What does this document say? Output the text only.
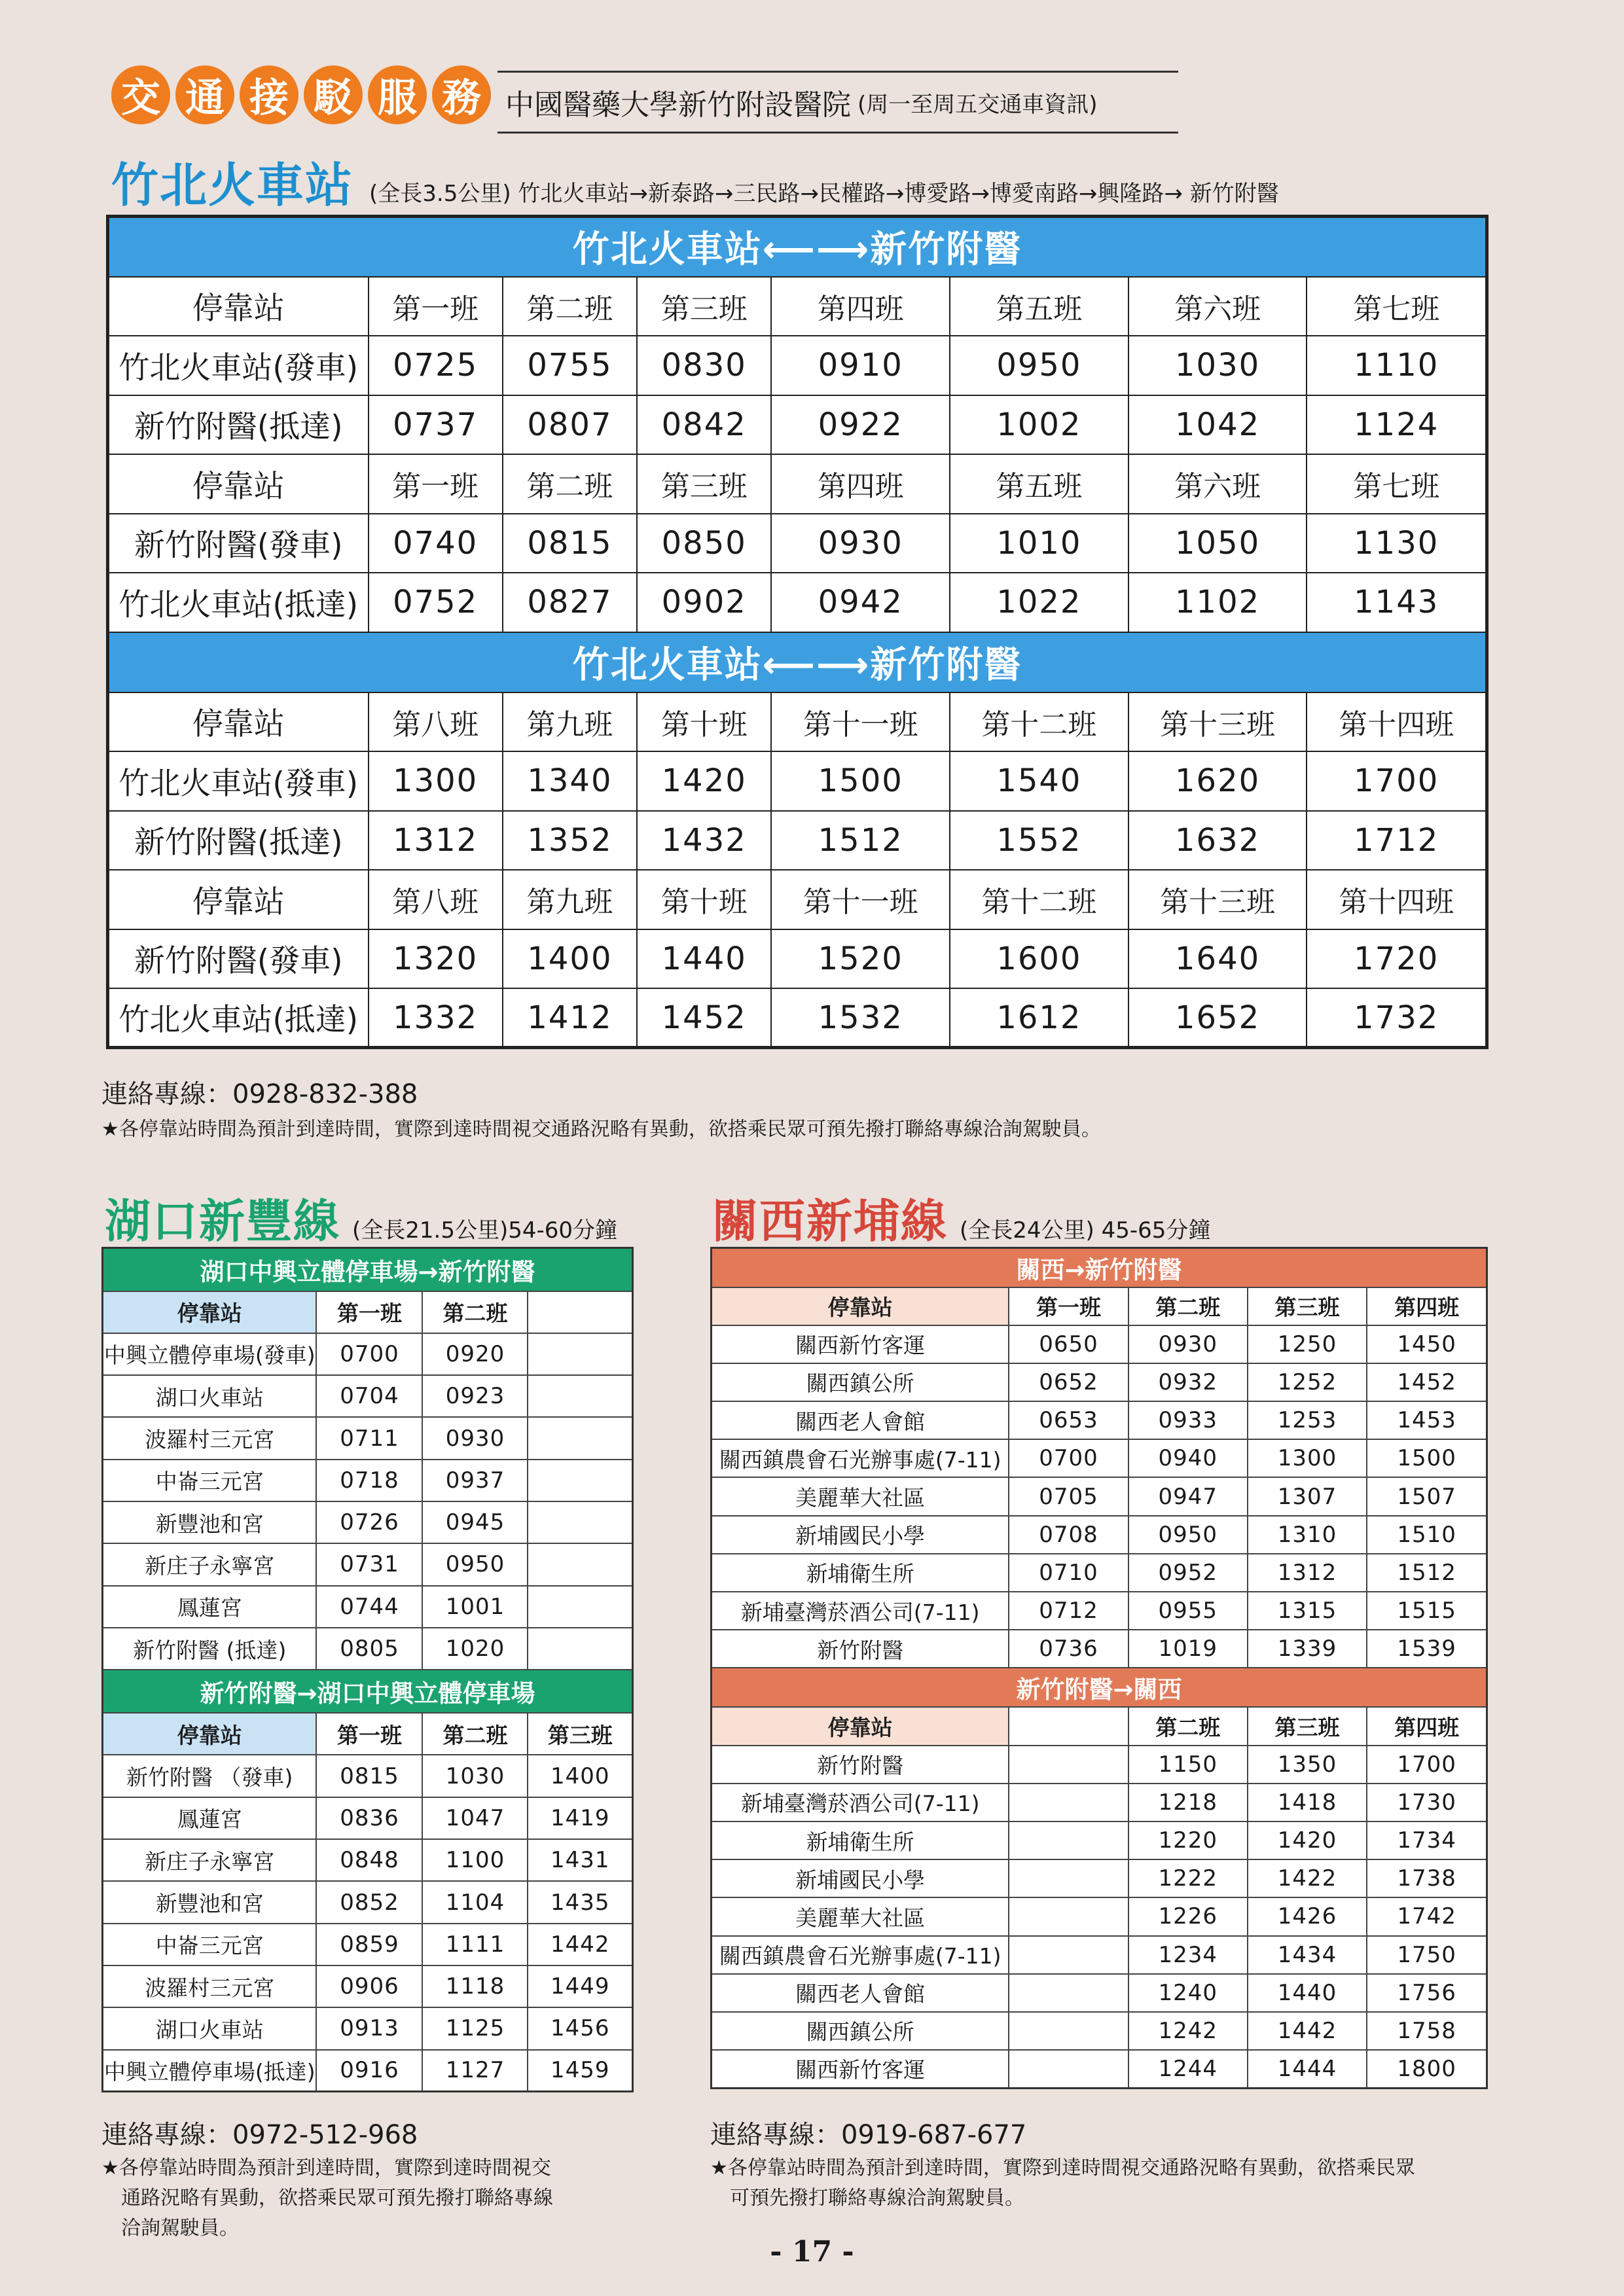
交 通 接 駁 服 務 中國醫藥大學新竹附設醫院 (周一至周五交通車資訊)
竹北火車站 (全長3.5公里) 竹北火車站→新泰路→三民路→民權路→博愛路→博愛南路→興隆路→ 新竹附醫
竹北火車站⟵⟶新竹附醫							
停靠站	第一班	第二班	第三班	第四班	第五班	第六班	第七班
竹北火車站(發車)	0725	0755	0830	0910	0950	1030	1110
新竹附醫(抵達)	0737	0807	0842	0922	1002	1042	1124
停靠站	第一班	第二班	第三班	第四班	第五班	第六班	第七班
新竹附醫(發車)	0740	0815	0850	0930	1010	1050	1130
竹北火車站(抵達)	0752	0827	0902	0942	1022	1102	1143
竹北火車站⟵⟶新竹附醫							
停靠站	第八班	第九班	第十班	第十一班	第十二班	第十三班	第十四班
竹北火車站(發車)	1300	1340	1420	1500	1540	1620	1700
新竹附醫(抵達)	1312	1352	1432	1512	1552	1632	1712
停靠站	第八班	第九班	第十班	第十一班	第十二班	第十三班	第十四班
新竹附醫(發車)	1320	1400	1440	1520	1600	1640	1720
竹北火車站(抵達)	1332	1412	1452	1532	1612	1652	1732
連絡專線：0928-832-388
★各停靠站時間為預計到達時間，實際到達時間視交通路況略有異動，欲搭乘民眾可預先撥打聯絡專線洽詢駕駛員。
湖口新豐線 (全長21.5公里)54-60分鐘
湖口中興立體停車場→新竹附醫			
停靠站	第一班	第二班	
中興立體停車場(發車)	0700	0920	
湖口火車站	0704	0923	
波羅村三元宮	0711	0930	
中崙三元宮	0718	0937	
新豐池和宮	0726	0945	
新庄子永寧宮	0731	0950	
鳳蓮宮	0744	1001	
新竹附醫 (抵達)	0805	1020	
新竹附醫→湖口中興立體停車場			
停靠站	第一班	第二班	第三班
新竹附醫 （發車)	0815	1030	1400
鳳蓮宮	0836	1047	1419
新庄子永寧宮	0848	1100	1431
新豐池和宮	0852	1104	1435
中崙三元宮	0859	1111	1442
波羅村三元宮	0906	1118	1449
湖口火車站	0913	1125	1456
中興立體停車場(抵達)	0916	1127	1459
連絡專線：0972-512-968
★各停靠站時間為預計到達時間，實際到達時間視交
通路況略有異動，欲搭乘民眾可預先撥打聯絡專線
洽詢駕駛員。
關西新埔線 (全長24公里) 45-65分鐘
關西→新竹附醫				
停靠站	第一班	第二班	第三班	第四班
關西新竹客運	0650	0930	1250	1450
關西鎮公所	0652	0932	1252	1452
關西老人會館	0653	0933	1253	1453
關西鎮農會石光辦事處(7-11)	0700	0940	1300	1500
美麗華大社區	0705	0947	1307	1507
新埔國民小學	0708	0950	1310	1510
新埔衛生所	0710	0952	1312	1512
新埔臺灣菸酒公司(7-11)	0712	0955	1315	1515
新竹附醫	0736	1019	1339	1539
新竹附醫→關西				
停靠站		第二班	第三班	第四班
新竹附醫		1150	1350	1700
新埔臺灣菸酒公司(7-11)		1218	1418	1730
新埔衛生所		1220	1420	1734
新埔國民小學		1222	1422	1738
美麗華大社區		1226	1426	1742
關西鎮農會石光辦事處(7-11)		1234	1434	1750
關西老人會館		1240	1440	1756
關西鎮公所		1242	1442	1758
關西新竹客運		1244	1444	1800
連絡專線：0919-687-677
★各停靠站時間為預計到達時間，實際到達時間視交通路況略有異動，欲搭乘民眾
可預先撥打聯絡專線洽詢駕駛員。
- 17 -
